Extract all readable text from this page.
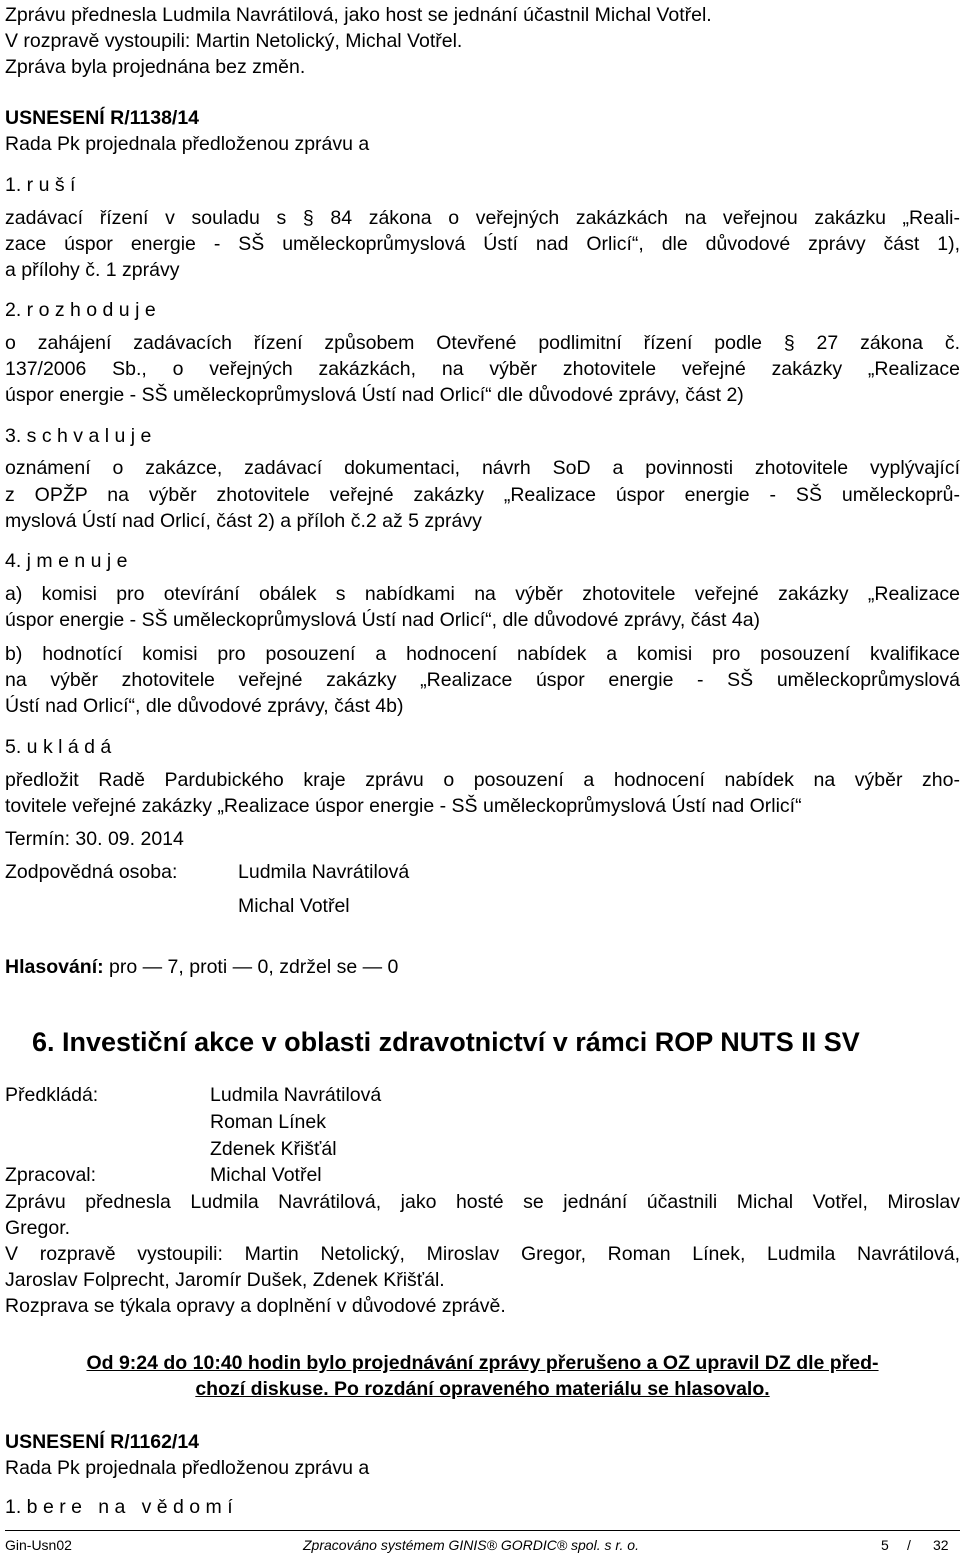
Zprávu přednesla Ludmila Navrátilová, jako host se jednání účastnil Michal Votřel.
V rozpravě vystoupili: Martin Netolický, Michal Votřel.
Zpráva byla projednána bez změn.
USNESENÍ R/1138/14
Rada Pk projednala předloženou zprávu a
1. r u š í
zadávací řízení v souladu s § 84 zákona o veřejných zakázkách na veřejnou zakázku „Reali-
zace úspor energie - SŠ uměleckoprůmyslová Ústí nad Orlicí“, dle důvodové zprávy část 1),
a přílohy č. 1 zprávy
2. r o z h o d u j e
o zahájení zadávacích řízení způsobem Otevřené podlimitní řízení podle § 27 zákona č.
137/2006 Sb., o veřejných zakázkách, na výběr zhotovitele veřejné zakázky „Realizace
úspor energie - SŠ uměleckoprůmyslová Ústí nad Orlicí“ dle důvodové zprávy, část 2)
3. s c h v a l u j e
oznámení o zakázce, zadávací dokumentaci, návrh SoD a povinnosti zhotovitele vyplývající
z OPŽP na výběr zhotovitele veřejné zakázky „Realizace úspor energie - SŠ uměleckoprů-
myslová Ústí nad Orlicí, část 2) a příloh č.2 až 5 zprávy
4. j m e n u j e
a) komisi pro otevírání obálek s nabídkami na výběr zhotovitele veřejné zakázky „Realizace
úspor energie - SŠ uměleckoprůmyslová Ústí nad Orlicí“, dle důvodové zprávy, část 4a)
b) hodnotící komisi pro posouzení a hodnocení nabídek a komisi pro posouzení kvalifikace
na výběr zhotovitele veřejné zakázky „Realizace úspor energie - SŠ uměleckoprůmyslová
Ústí nad Orlicí“, dle důvodové zprávy, část 4b)
5. u k l á d á
předložit Radě Pardubického kraje zprávu o posouzení a hodnocení nabídek na výběr zho-
tovitele veřejné zakázky „Realizace úspor energie - SŠ uměleckoprůmyslová Ústí nad Orlicí“
Termín: 30. 09. 2014
Zodpovědná osoba:	Ludmila Navrátilová
Michal Votřel
Hlasování: pro — 7, proti — 0, zdržel se — 0
6. Investiční akce v oblasti zdravotnictví v rámci ROP NUTS II SV
Předkládá:	Ludmila Navrátilová
Roman Línek
Zdenek Křišťál
Zpracoval:	Michal Votřel
Zprávu přednesla Ludmila Navrátilová, jako hosté se jednání účastnili Michal Votřel, Miroslav
Gregor.
V rozpravě vystoupili: Martin Netolický, Miroslav Gregor, Roman Línek, Ludmila Navrátilová,
Jaroslav Folprecht, Jaromír Dušek, Zdenek Křišťál.
Rozprava se týkala opravy a doplnění v důvodové zprávě.
Od 9:24 do 10:40 hodin bylo projednávání zprávy přerušeno a OZ upravil DZ dle před-
chozí diskuse. Po rozdání opraveného materiálu se hlasovalo.
USNESENÍ R/1162/14
Rada Pk projednala předloženou zprávu a
1. b e r e   n a   v ě d o m í
Gin-Usn02	Zpracováno systémem GINIS® GORDIC® spol. s r. o.	5 / 32
